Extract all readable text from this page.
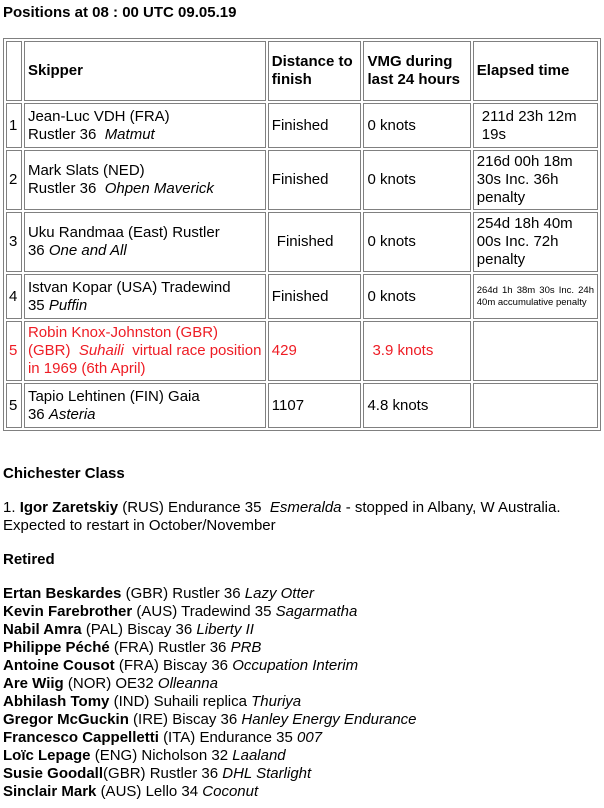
Positions at 08 : 00 UTC 09.05.19
	Skipper	Distance to finish	VMG during last 24 hours	Elapsed time
1	Jean-Luc VDH (FRA)
Rustler 36 Matmut	Finished	0 knots	211d 23h 12m 19s
2	Mark Slats (NED)
Rustler 36 Ohpen Maverick	Finished	0 knots	216d 00h 18m 30s Inc. 36h penalty
3	Uku Randmaa (East) Rustler
36 One and All	Finished	0 knots	254d 18h 40m 00s Inc. 72h penalty
4	Istvan Kopar (USA) Tradewind
35 Puffin	Finished	0 knots	264d 1h 38m 30s Inc. 24h 40m accumulative penalty
5	Robin Knox-Johnston (GBR)
(GBR)  Suhaili virtual race position in 1969 (6th April)	429	3.9 knots	
5	Tapio Lehtinen (FIN) Gaia
36 Asteria	1107	4.8 knots	
Chichester Class
1. Igor Zaretskiy (RUS) Endurance 35 Esmeralda - stopped in Albany, W Australia. Expected to restart in October/November
Retired
Ertan Beskardes (GBR) Rustler 36 Lazy Otter
Kevin Farebrother (AUS) Tradewind 35 Sagarmatha
Nabil Amra (PAL) Biscay 36 Liberty II
Philippe Péché (FRA) Rustler 36 PRB
Antoine Cousot (FRA) Biscay 36 Occupation Interim
Are Wiig (NOR) OE32 Olleanna
Abhilash Tomy (IND) Suhaili replica Thuriya
Gregor McGuckin (IRE) Biscay 36 Hanley Energy Endurance
Francesco Cappelletti (ITA) Endurance 35 007
Loïc Lepage (ENG) Nicholson 32 Laaland
Susie Goodall(GBR) Rustler 36 DHL Starlight
Sinclair Mark (AUS) Lello 34 Coconut
